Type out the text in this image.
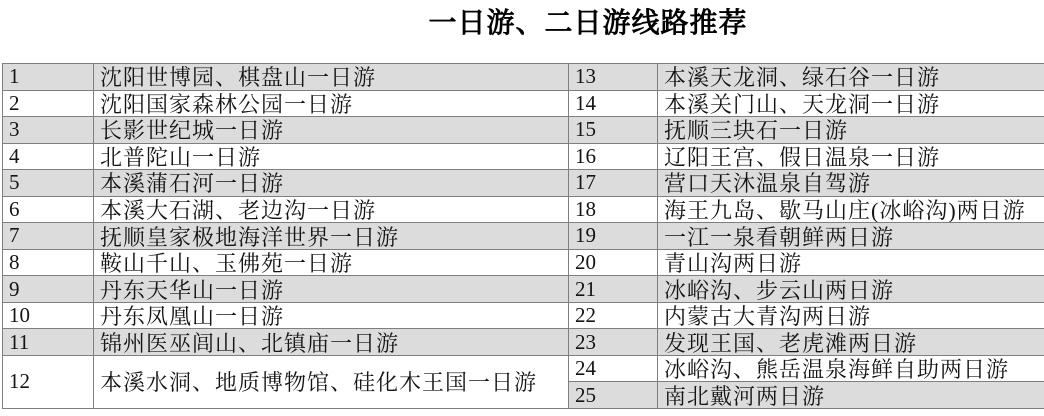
一日游、二日游线路推荐
1	沈阳世博园、棋盘山一日游
2	沈阳国家森林公园一日游
3	长影世纪城一日游
4	北普陀山一日游
5	本溪蒲石河一日游
6	本溪大石湖、老边沟一日游
7	抚顺皇家极地海洋世界一日游
8	鞍山千山、玉佛苑一日游
9	丹东天华山一日游
10	丹东凤凰山一日游
11	锦州医巫闾山、北镇庙一日游
12	本溪水洞、地质博物馆、硅化木王国一日游
13	本溪天龙洞、绿石谷一日游
14	本溪关门山、天龙洞一日游
15	抚顺三块石一日游
16	辽阳王宫、假日温泉一日游
17	营口天沐温泉自驾游
18	海王九岛、歇马山庄(冰峪沟)两日游
19	一江一泉看朝鲜两日游
20	青山沟两日游
21	冰峪沟、步云山两日游
22	内蒙古大青沟两日游
23	发现王国、老虎滩两日游
24	冰峪沟、熊岳温泉海鲜自助两日游
25	南北戴河两日游
